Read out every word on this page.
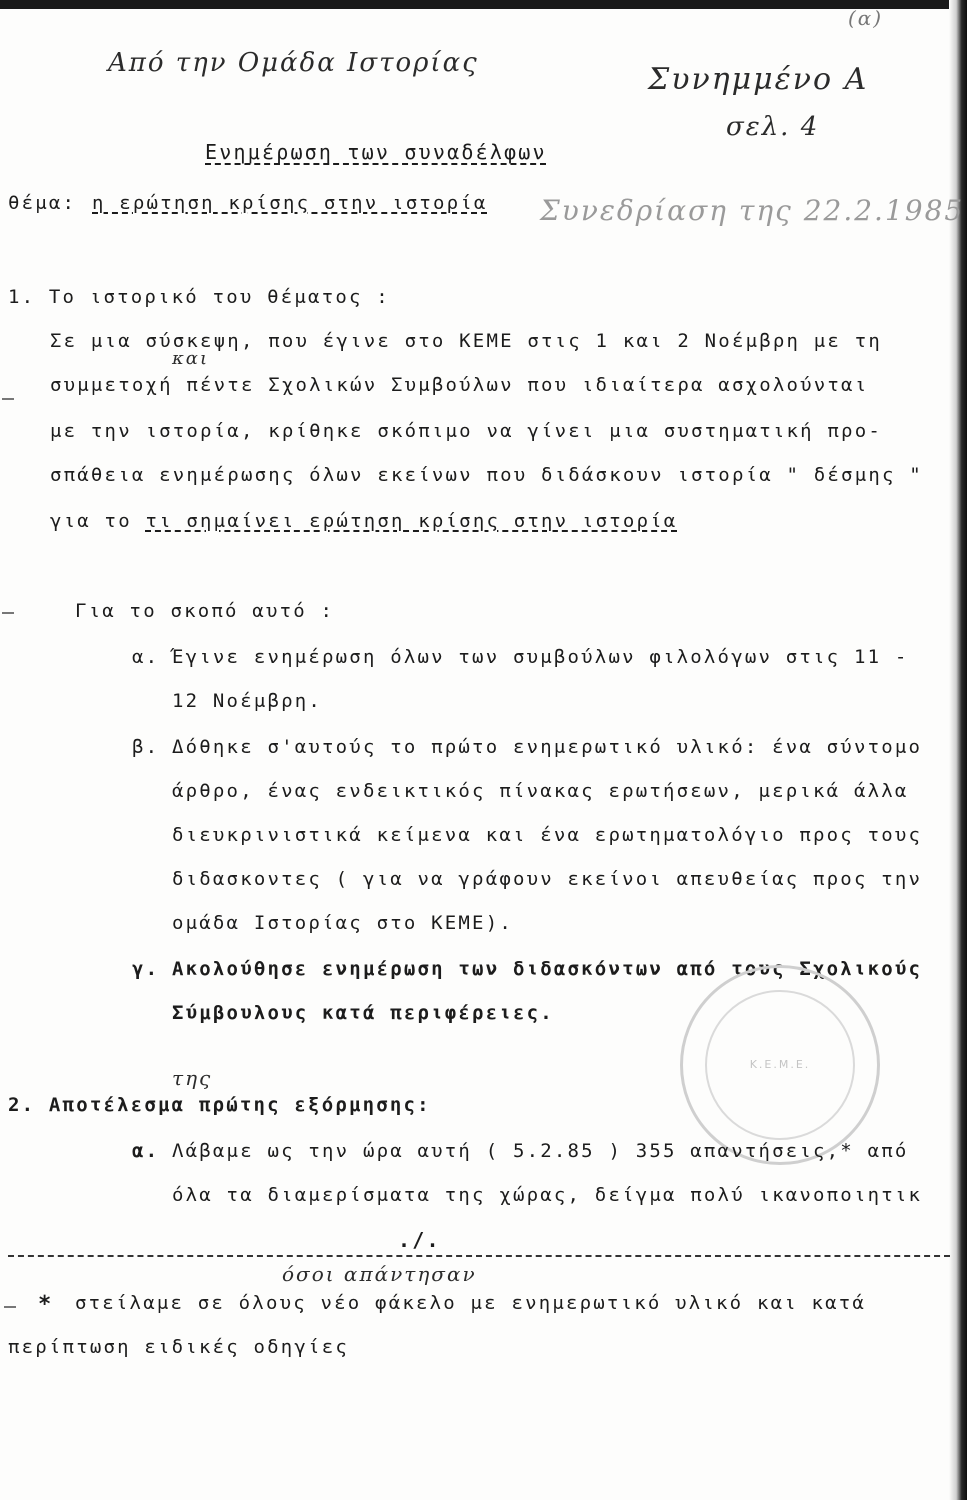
Από την Ομάδα Ιστορίας
(α)
Συνημμένο Α
σελ. 4
Συνεδρίαση της 22.2.1985
Ενημέρωση των συναδέλφων
θέμα: η ερώτηση κρίσης στην ιστορία
1. Το ιστορικό του θέματος :
και
Σε μια σύσκεψη, που έγινε στο ΚΕΜΕ στις 1 και 2 Νοέμβρη με τη
συμμετοχή πέντε Σχολικών Συμβούλων που ιδιαίτερα ασχολούνται
με την ιστορία, κρίθηκε σκόπιμο να γίνει μια συστηματική προ-
σπάθεια ενημέρωσης όλων εκείνων που διδάσκουν ιστορία " δέσμης "
για το τι σημαίνει ερώτηση κρίσης στην ιστορία
Για το σκοπό αυτό :
α. Έγινε ενημέρωση όλων των συμβούλων φιλολόγων στις 11 -
12 Νοέμβρη.
β. Δόθηκε σ'αυτούς το πρώτο ενημερωτικό υλικό: ένα σύντομο
άρθρο, ένας ενδεικτικός πίνακας ερωτήσεων, μερικά άλλα
διευκρινιστικά κείμενα και ένα ερωτηματολόγιο προς τους
διδασκοντες ( για να γράφουν εκείνοι απευθείας προς την
ομάδα Ιστορίας στο ΚΕΜΕ).
γ. Ακολούθησε ενημέρωση των διδασκόντων από τους Σχολικούς
Σύμβουλους κατά περιφέρειες.
Κ.Ε.Μ.Ε.
της
2. Αποτέλεσμα πρώτης εξόρμησης:
α. Λάβαμε ως την ώρα αυτή ( 5.2.85 ) 355 απαντήσεις,* από
όλα τα διαμερίσματα της χώρας, δείγμα πολύ ικανοποιητικ
./.
όσοι απάντησαν
* στείλαμε σε όλους νέο φάκελο με ενημερωτικό υλικό και κατά
περίπτωση ειδικές οδηγίες
